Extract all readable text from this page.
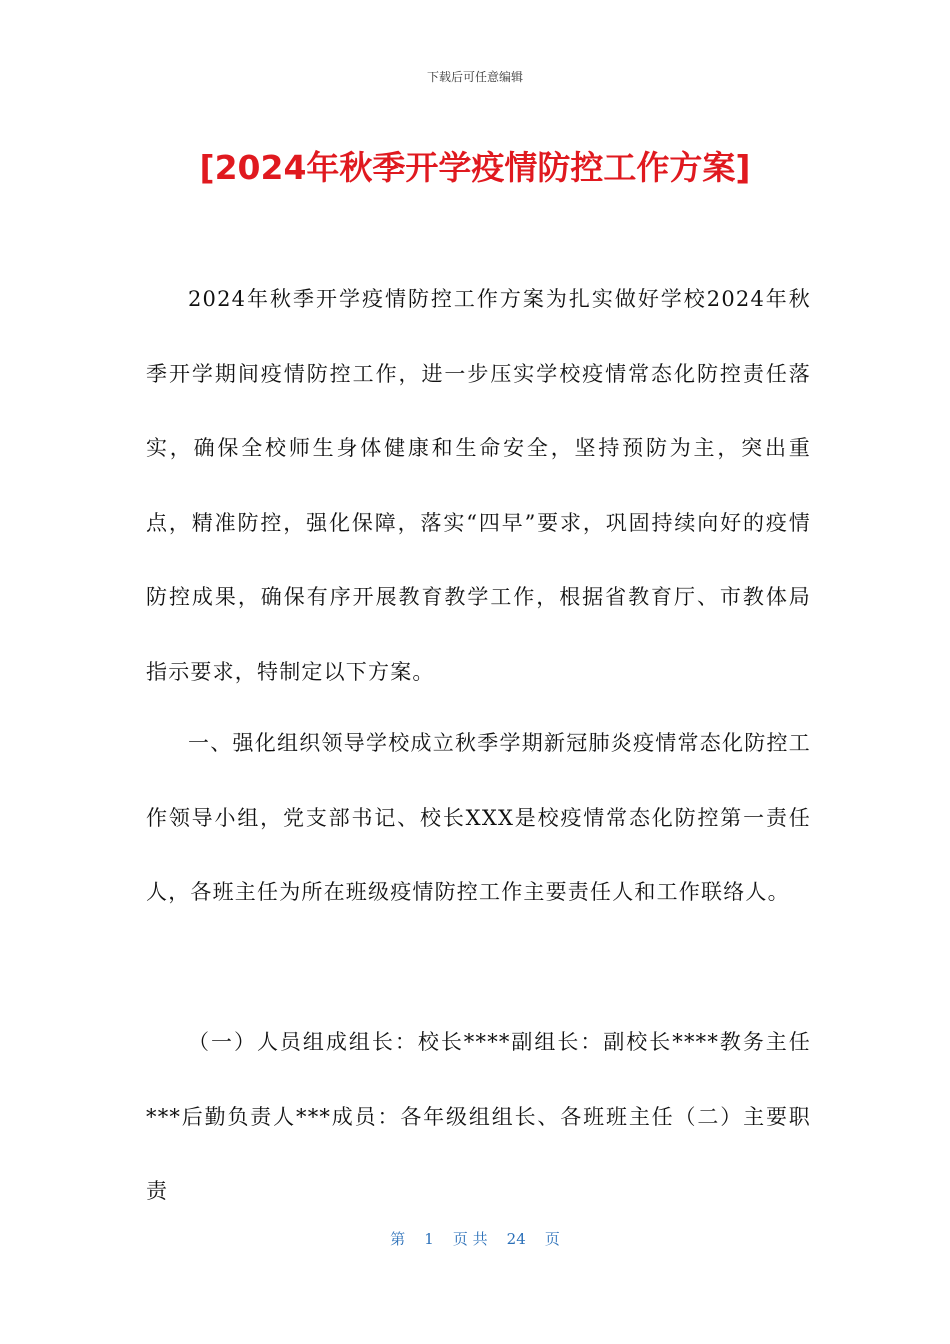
下载后可任意编辑
[2024年秋季开学疫情防控工作方案]

2024年秋季开学疫情防控工作方案为扎实做好学校2024年秋季开学期间疫情防控工作，进一步压实学校疫情常态化防控责任落实，确保全校师生身体健康和生命安全，坚持预防为主，突出重点，精准防控，强化保障，落实“四早”要求，巩固持续向好的疫情防控成果，确保有序开展教育教学工作，根据省教育厅、市教体局指示要求，特制定以下方案。

一、强化组织领导学校成立秋季学期新冠肺炎疫情常态化防控工作领导小组，党支部书记、校长XXX是校疫情常态化防控第一责任人，各班主任为所在班级疫情防控工作主要责任人和工作联络人。

（一）人员组成组长：校长****副组长：副校长****教务主任***后勤负责人***成员：各年级组组长、各班班主任（二）主要职责

第    1    页 共    24    页
